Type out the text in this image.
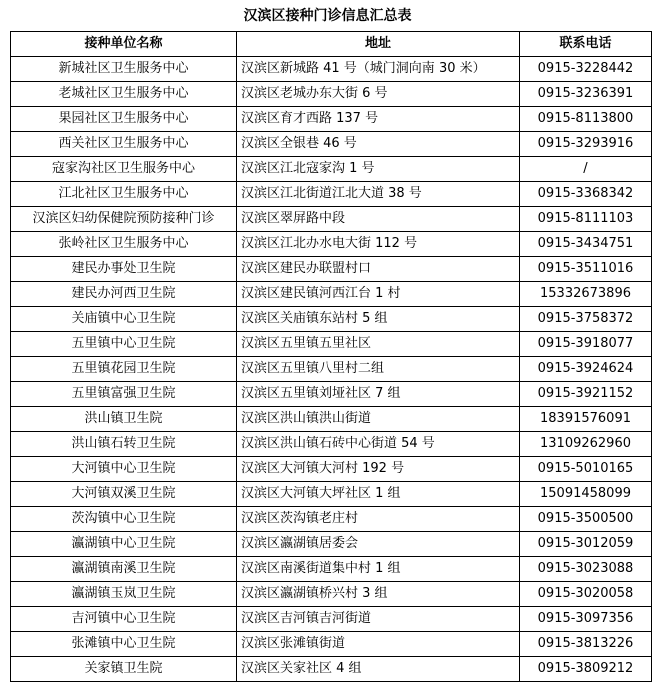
汉滨区接种门诊信息汇总表
接种单位名称	地址	联系电话
新城社区卫生服务中心	汉滨区新城路 41 号（城门洞向南 30 米）	0915-3228442
老城社区卫生服务中心	汉滨区老城办东大街 6 号	0915-3236391
果园社区卫生服务中心	汉滨区育才西路 137 号	0915-8113800
西关社区卫生服务中心	汉滨区全银巷 46 号	0915-3293916
寇家沟社区卫生服务中心	汉滨区江北寇家沟 1 号	/
江北社区卫生服务中心	汉滨区江北街道江北大道 38 号	0915-3368342
汉滨区妇幼保健院预防接种门诊	汉滨区翠屏路中段	0915-8111103
张岭社区卫生服务中心	汉滨区江北办水电大街 112 号	0915-3434751
建民办事处卫生院	汉滨区建民办联盟村口	0915-3511016
建民办河西卫生院	汉滨区建民镇河西江台 1 村	15332673896
关庙镇中心卫生院	汉滨区关庙镇东站村 5 组	0915-3758372
五里镇中心卫生院	汉滨区五里镇五里社区	0915-3918077
五里镇花园卫生院	汉滨区五里镇八里村二组	0915-3924624
五里镇富强卫生院	汉滨区五里镇刘垭社区 7 组	0915-3921152
洪山镇卫生院	汉滨区洪山镇洪山街道	18391576091
洪山镇石转卫生院	汉滨区洪山镇石砖中心街道 54 号	13109262960
大河镇中心卫生院	汉滨区大河镇大河村 192 号	0915-5010165
大河镇双溪卫生院	汉滨区大河镇大坪社区 1 组	15091458099
茨沟镇中心卫生院	汉滨区茨沟镇老庄村	0915-3500500
瀛湖镇中心卫生院	汉滨区瀛湖镇居委会	0915-3012059
瀛湖镇南溪卫生院	汉滨区南溪街道集中村 1 组	0915-3023088
瀛湖镇玉岚卫生院	汉滨区瀛湖镇桥兴村 3 组	0915-3020058
吉河镇中心卫生院	汉滨区吉河镇吉河街道	0915-3097356
张滩镇中心卫生院	汉滨区张滩镇街道	0915-3813226
关家镇卫生院	汉滨区关家社区 4 组	0915-3809212
